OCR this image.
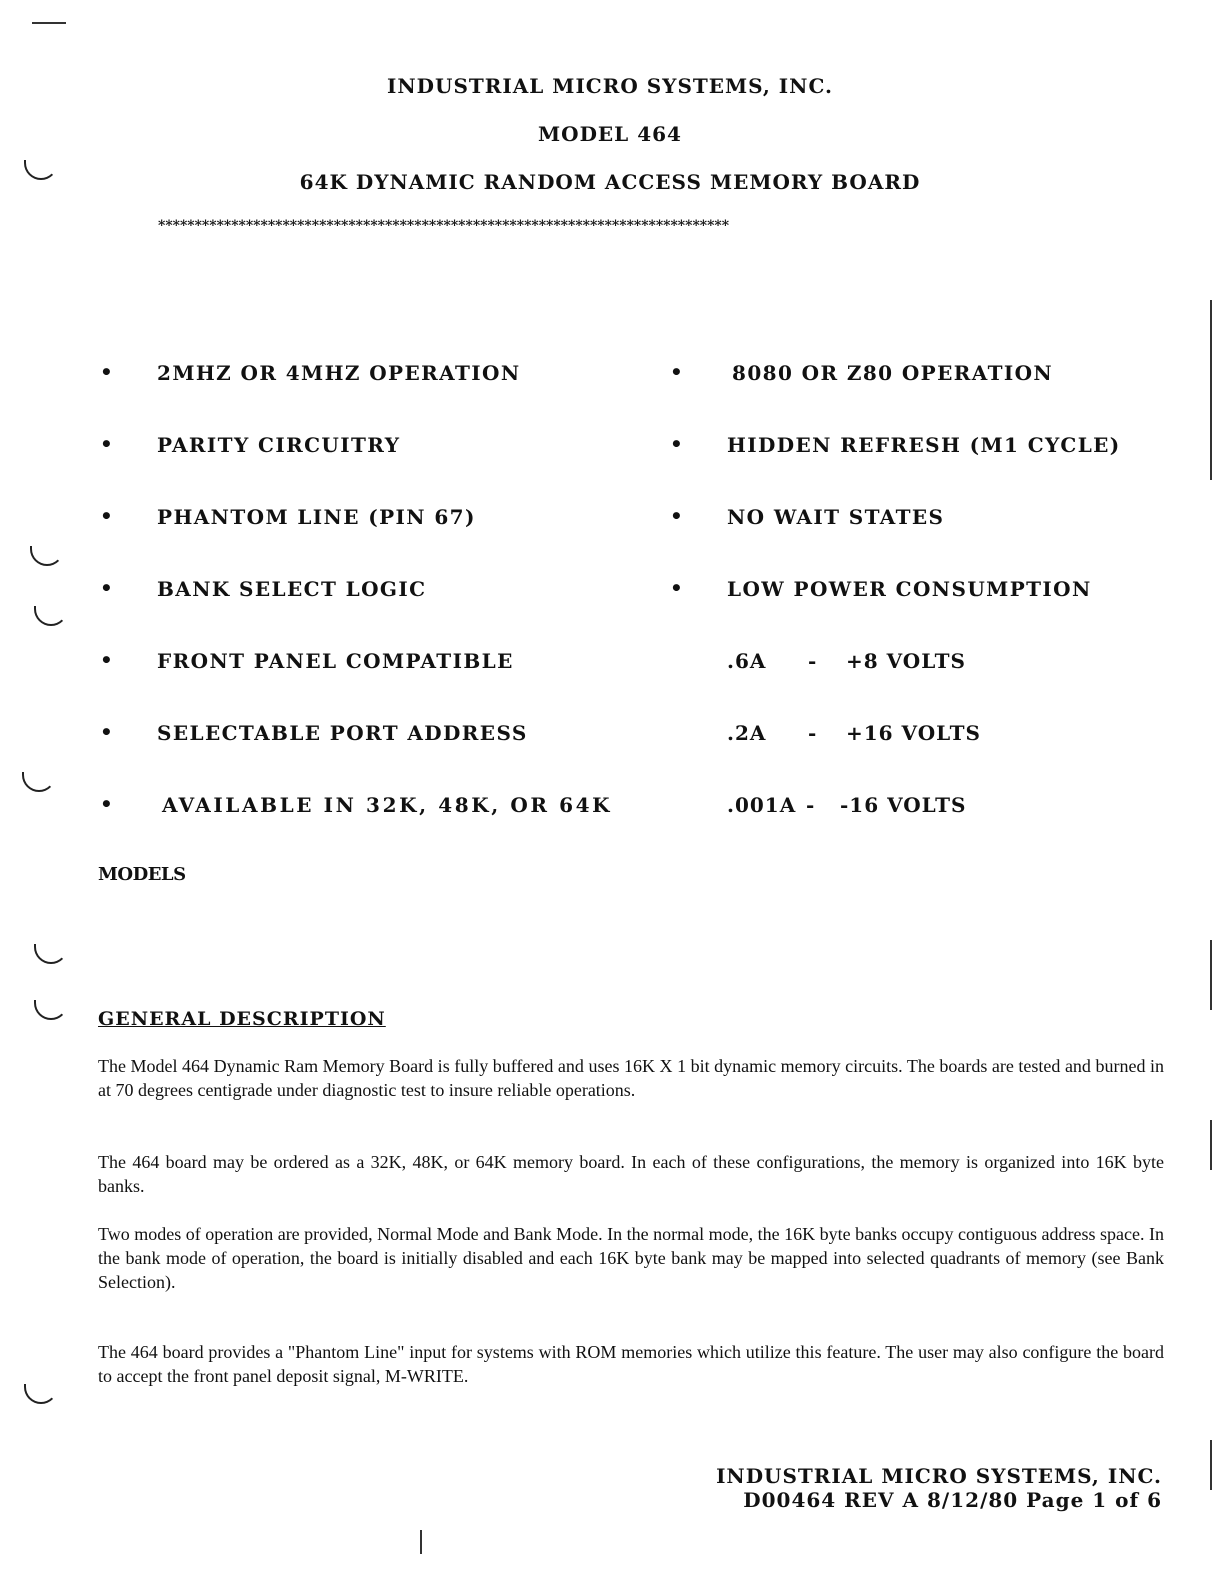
INDUSTRIAL MICRO SYSTEMS, INC.
MODEL 464
64K DYNAMIC RANDOM ACCESS MEMORY BOARD
******************************************************************************
• 2MHZ OR 4MHZ OPERATION
• PARITY CIRCUITRY
• PHANTOM LINE (PIN 67)
• BANK SELECT LOGIC
• FRONT PANEL COMPATIBLE
• SELECTABLE PORT ADDRESS
• AVAILABLE IN 32K, 48K, OR 64K
• 8080 OR Z80 OPERATION
• HIDDEN REFRESH (M1 CYCLE)
• NO WAIT STATES
• LOW POWER CONSUMPTION
.6A - +8 VOLTS
.2A - +16 VOLTS
.001A - -16 VOLTS
MODELS
GENERAL DESCRIPTION
The Model 464 Dynamic Ram Memory Board is fully buffered and uses 16K X 1 bit dynamic memory circuits. The boards are tested and burned in at 70 degrees centigrade under diagnostic test to insure reliable operations.
The 464 board may be ordered as a 32K, 48K, or 64K memory board. In each of these configurations, the memory is organized into 16K byte banks.
Two modes of operation are provided, Normal Mode and Bank Mode. In the normal mode, the 16K byte banks occupy contiguous address space. In the bank mode of operation, the board is initially disabled and each 16K byte bank may be mapped into selected quadrants of memory (see Bank Selection).
The 464 board provides a "Phantom Line" input for systems with ROM memories which utilize this feature. The user may also configure the board to accept the front panel deposit signal, M-WRITE.
INDUSTRIAL MICRO SYSTEMS, INC.
D00464 REV A 8/12/80 Page 1 of 6
